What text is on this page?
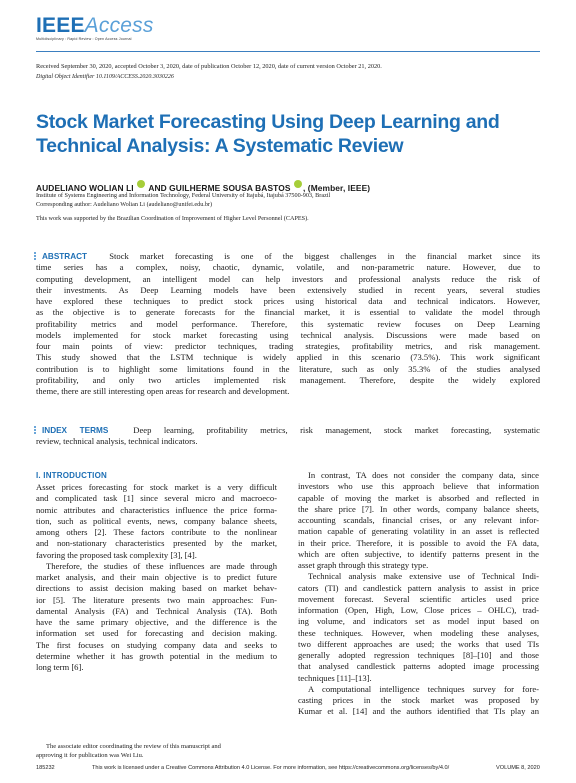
IEEEAccess
Multidisciplinary : Rapid Review : Open Access Journal
Received September 30, 2020, accepted October 3, 2020, date of publication October 12, 2020, date of current version October 21, 2020.
Digital Object Identifier 10.1109/ACCESS.2020.3030226
Stock Market Forecasting Using Deep Learning and Technical Analysis: A Systematic Review
AUDELIANO WOLIAN LI AND GUILHERME SOUSA BASTOS , (Member, IEEE)
Institute of Systems Engineering and Information Technology, Federal University of Itajubá, Itajubá 37500-903, Brazil
Corresponding author: Audeliano Wolian Li (audeliano@unifei.edu.br)
This work was supported by the Brazilian Coordination of Improvement of Higher Level Personnel (CAPES).
ABSTRACT	Stock market forecasting is one of the biggest challenges in the financial market since its
time series has a complex, noisy, chaotic, dynamic, volatile, and non-parametric nature. However, due to
computing development, an intelligent model can help investors and professional analysts reduce the risk of
their investments. As Deep Learning models have been extensively studied in recent years, several studies
have explored these techniques to predict stock prices using historical data and technical indicators. However,
as the objective is to generate forecasts for the financial market, it is essential to validate the model through
profitability metrics and model performance. Therefore, this systematic review focuses on Deep Learning
models implemented for stock market forecasting using technical analysis. Discussions were made based on
four main points of view: predictor techniques, trading strategies, profitability metrics, and risk management.
This study showed that the LSTM technique is widely applied in this scenario (73.5%). This work significant
contribution is to highlight some limitations found in the literature, such as only 35.3% of the studies analysed
profitability, and only two articles implemented risk management. Therefore, despite the widely explored
theme, there are still interesting open areas for research and development.
INDEX TERMS	Deep learning, profitability metrics, risk management, stock market forecasting, systematic
review, technical analysis, technical indicators.
I. INTRODUCTION
Asset prices forecasting for stock market is a very difficult
and complicated task [1] since several micro and macroeco-
nomic attributes and characteristics influence the price forma-
tion, such as political events, news, company balance sheets,
among others [2]. These factors contribute to the nonlinear
and non-stationary characteristics presented by the market,
favoring the proposed task complexity [3], [4].
Therefore, the studies of these influences are made through
market analysis, and their main objective is to predict future
directions to assist decision making based on market behav-
ior [5]. The literature presents two main approaches: Fun-
damental Analysis (FA) and Technical Analysis (TA). Both
have the same primary objective, and the difference is the
information set used for forecasting and decision making.
The first focuses on studying company data and seeks to
determine whether it has growth potential in the medium to
long term [6].
In contrast, TA does not consider the company data, since
investors who use this approach believe that information
capable of moving the market is absorbed and reflected in
the share price [7]. In other words, company balance sheets,
accounting scandals, financial crises, or any relevant infor-
mation capable of generating volatility in an asset is reflected
in their price. Therefore, it is possible to avoid the FA data,
which are often subjective, to identify patterns present in the
asset graph through this strategy type.
Technical analysis make extensive use of Technical Indi-
cators (TI) and candlestick pattern analysis to assist in price
movement forecast. Several scientific articles used price
information (Open, High, Low, Close prices – OHLC), trad-
ing volume, and indicators set as model input based on
these techniques. However, when modeling these analyses,
two different approaches are used; the works that used TIs
generally adopted regression techniques [8]–[10] and those
that analysed candlestick patterns adopted image processing
techniques [11]–[13].
A computational intelligence techniques survey for fore-
casting prices in the stock market was proposed by
Kumar et al. [14] and the authors identified that TIs play an
The associate editor coordinating the review of this manuscript and
approving it for publication was Wei Liu.
185232	This work is licensed under a Creative Commons Attribution 4.0 License. For more information, see https://creativecommons.org/licenses/by/4.0/	VOLUME 8, 2020
